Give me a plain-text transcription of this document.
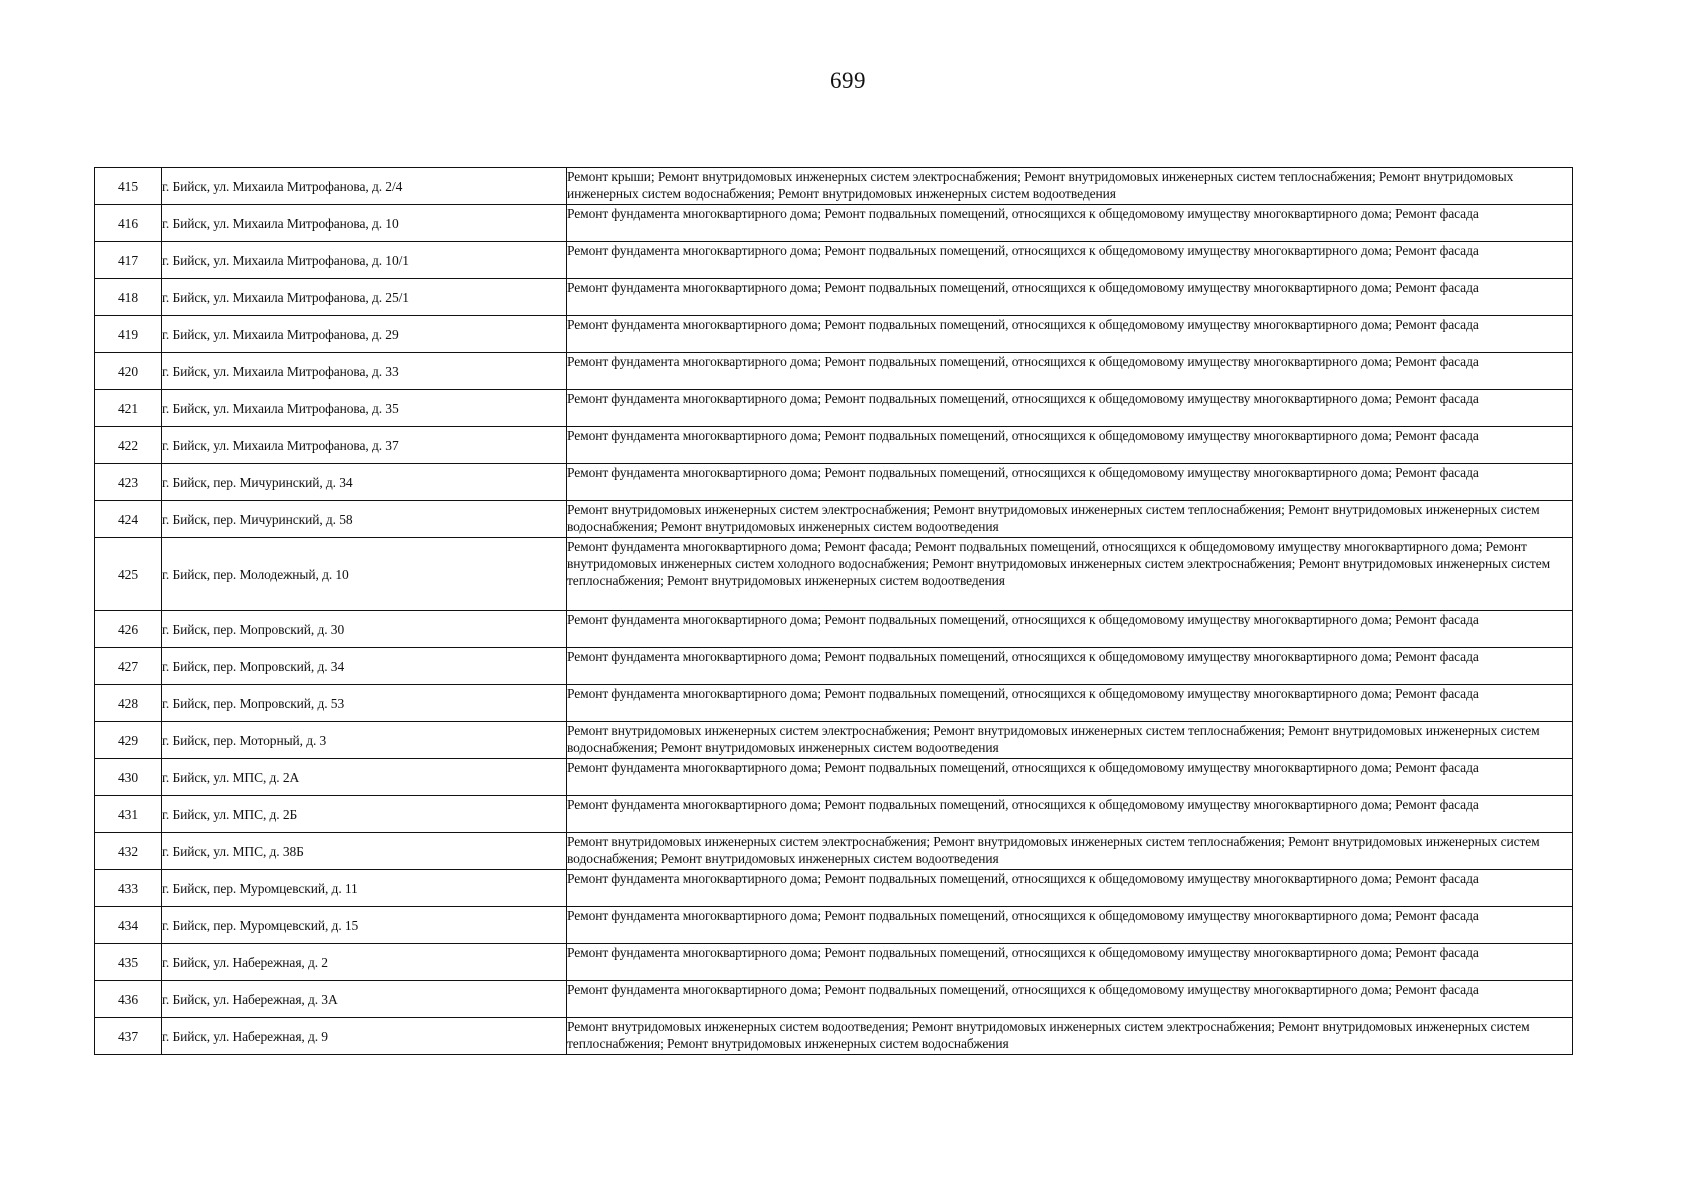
699
415	г. Бийск, ул. Михаила Митрофанова, д. 2/4	Ремонт крыши; Ремонт внутридомовых инженерных систем электроснабжения; Ремонт внутридомовых инженерных систем теплоснабжения; Ремонт внутридомовых инженерных систем водоснабжения; Ремонт внутридомовых инженерных систем водоотведения
416	г. Бийск, ул. Михаила Митрофанова, д. 10	Ремонт фундамента многоквартирного дома; Ремонт подвальных помещений, относящихся к общедомовому имуществу многоквартирного дома; Ремонт фасада
417	г. Бийск, ул. Михаила Митрофанова, д. 10/1	Ремонт фундамента многоквартирного дома; Ремонт подвальных помещений, относящихся к общедомовому имуществу многоквартирного дома; Ремонт фасада
418	г. Бийск, ул. Михаила Митрофанова, д. 25/1	Ремонт фундамента многоквартирного дома; Ремонт подвальных помещений, относящихся к общедомовому имуществу многоквартирного дома; Ремонт фасада
419	г. Бийск, ул. Михаила Митрофанова, д. 29	Ремонт фундамента многоквартирного дома; Ремонт подвальных помещений, относящихся к общедомовому имуществу многоквартирного дома; Ремонт фасада
420	г. Бийск, ул. Михаила Митрофанова, д. 33	Ремонт фундамента многоквартирного дома; Ремонт подвальных помещений, относящихся к общедомовому имуществу многоквартирного дома; Ремонт фасада
421	г. Бийск, ул. Михаила Митрофанова, д. 35	Ремонт фундамента многоквартирного дома; Ремонт подвальных помещений, относящихся к общедомовому имуществу многоквартирного дома; Ремонт фасада
422	г. Бийск, ул. Михаила Митрофанова, д. 37	Ремонт фундамента многоквартирного дома; Ремонт подвальных помещений, относящихся к общедомовому имуществу многоквартирного дома; Ремонт фасада
423	г. Бийск, пер. Мичуринский, д. 34	Ремонт фундамента многоквартирного дома; Ремонт подвальных помещений, относящихся к общедомовому имуществу многоквартирного дома; Ремонт фасада
424	г. Бийск, пер. Мичуринский, д. 58	Ремонт внутридомовых инженерных систем электроснабжения; Ремонт внутридомовых инженерных систем теплоснабжения; Ремонт внутридомовых инженерных систем водоснабжения; Ремонт внутридомовых инженерных систем водоотведения
425	г. Бийск, пер. Молодежный, д. 10	Ремонт фундамента многоквартирного дома; Ремонт фасада; Ремонт подвальных помещений, относящихся к общедомовому имуществу многоквартирного дома; Ремонт внутридомовых инженерных систем холодного водоснабжения; Ремонт внутридомовых инженерных систем электроснабжения; Ремонт внутридомовых инженерных систем теплоснабжения; Ремонт внутридомовых инженерных систем водоотведения
426	г. Бийск, пер. Мопровский, д. 30	Ремонт фундамента многоквартирного дома; Ремонт подвальных помещений, относящихся к общедомовому имуществу многоквартирного дома; Ремонт фасада
427	г. Бийск, пер. Мопровский, д. 34	Ремонт фундамента многоквартирного дома; Ремонт подвальных помещений, относящихся к общедомовому имуществу многоквартирного дома; Ремонт фасада
428	г. Бийск, пер. Мопровский, д. 53	Ремонт фундамента многоквартирного дома; Ремонт подвальных помещений, относящихся к общедомовому имуществу многоквартирного дома; Ремонт фасада
429	г. Бийск, пер. Моторный, д. 3	Ремонт внутридомовых инженерных систем электроснабжения; Ремонт внутридомовых инженерных систем теплоснабжения; Ремонт внутридомовых инженерных систем водоснабжения; Ремонт внутридомовых инженерных систем водоотведения
430	г. Бийск, ул. МПС, д. 2А	Ремонт фундамента многоквартирного дома; Ремонт подвальных помещений, относящихся к общедомовому имуществу многоквартирного дома; Ремонт фасада
431	г. Бийск, ул. МПС, д. 2Б	Ремонт фундамента многоквартирного дома; Ремонт подвальных помещений, относящихся к общедомовому имуществу многоквартирного дома; Ремонт фасада
432	г. Бийск, ул. МПС, д. 38Б	Ремонт внутридомовых инженерных систем электроснабжения; Ремонт внутридомовых инженерных систем теплоснабжения; Ремонт внутридомовых инженерных систем водоснабжения; Ремонт внутридомовых инженерных систем водоотведения
433	г. Бийск, пер. Муромцевский, д. 11	Ремонт фундамента многоквартирного дома; Ремонт подвальных помещений, относящихся к общедомовому имуществу многоквартирного дома; Ремонт фасада
434	г. Бийск, пер. Муромцевский, д. 15	Ремонт фундамента многоквартирного дома; Ремонт подвальных помещений, относящихся к общедомовому имуществу многоквартирного дома; Ремонт фасада
435	г. Бийск, ул. Набережная, д. 2	Ремонт фундамента многоквартирного дома; Ремонт подвальных помещений, относящихся к общедомовому имуществу многоквартирного дома; Ремонт фасада
436	г. Бийск, ул. Набережная, д. 3А	Ремонт фундамента многоквартирного дома; Ремонт подвальных помещений, относящихся к общедомовому имуществу многоквартирного дома; Ремонт фасада
437	г. Бийск, ул. Набережная, д. 9	Ремонт внутридомовых инженерных систем водоотведения; Ремонт внутридомовых инженерных систем электроснабжения; Ремонт внутридомовых инженерных систем теплоснабжения; Ремонт внутридомовых инженерных систем водоснабжения
